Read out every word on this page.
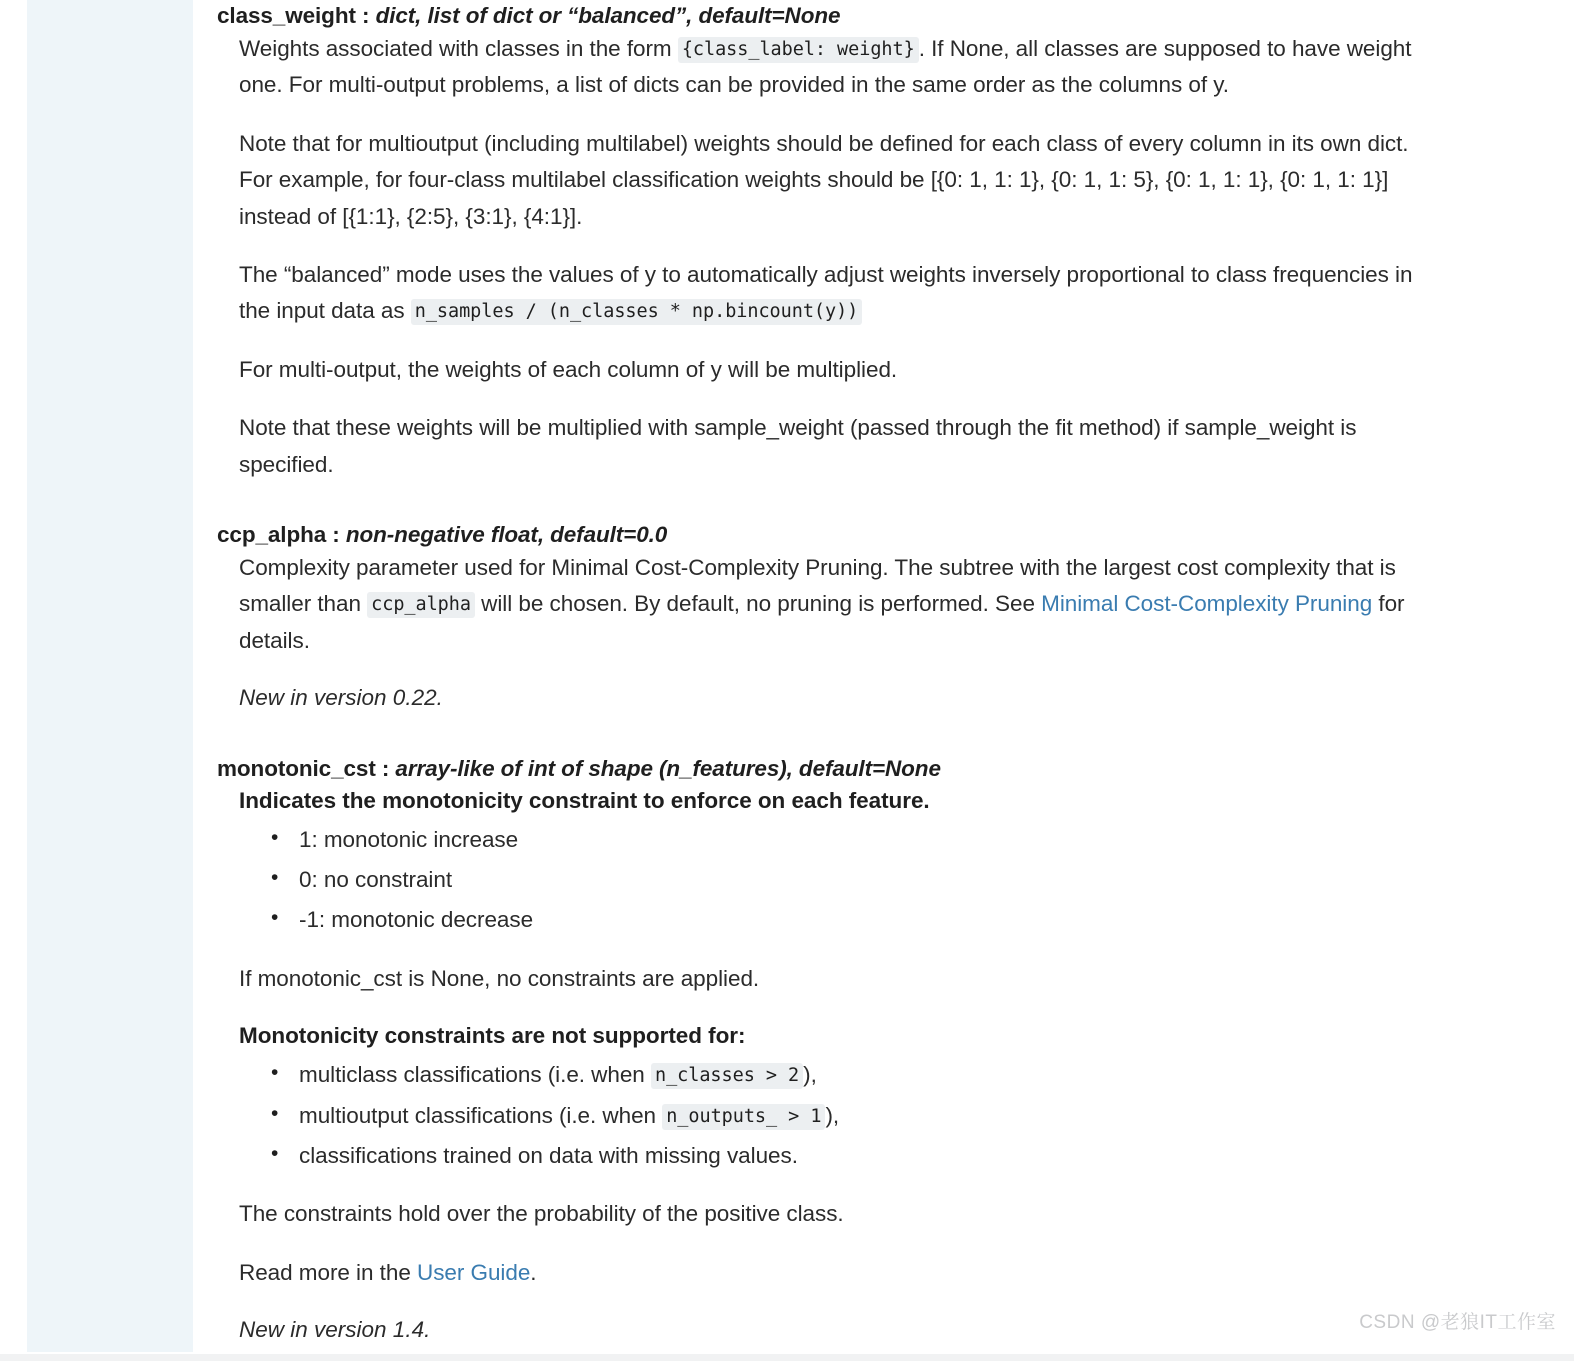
class_weight : dict, list of dict or “balanced”, default=None

Weights associated with classes in the form {class_label: weight} . If None, all classes are supposed to have weight one. For multi-output problems, a list of dicts can be provided in the same order as the columns of y.

Note that for multioutput (including multilabel) weights should be defined for each class of every column in its own dict. For example, for four-class multilabel classification weights should be [{0: 1, 1: 1}, {0: 1, 1: 5}, {0: 1, 1: 1}, {0: 1, 1: 1}] instead of [{1:1}, {2:5}, {3:1}, {4:1}].

The “balanced” mode uses the values of y to automatically adjust weights inversely proportional to class frequencies in the input data as n_samples / (n_classes * np.bincount(y))

For multi-output, the weights of each column of y will be multiplied.

Note that these weights will be multiplied with sample_weight (passed through the fit method) if sample_weight is specified.

ccp_alpha : non-negative float, default=0.0

Complexity parameter used for Minimal Cost-Complexity Pruning. The subtree with the largest cost complexity that is smaller than ccp_alpha will be chosen. By default, no pruning is performed. See Minimal Cost-Complexity Pruning for details.

New in version 0.22.

monotonic_cst : array-like of int of shape (n_features), default=None

Indicates the monotonicity constraint to enforce on each feature.

• 1: monotonic increase
• 0: no constraint
• -1: monotonic decrease

If monotonic_cst is None, no constraints are applied.

Monotonicity constraints are not supported for:

• multiclass classifications (i.e. when n_classes > 2 ),
• multioutput classifications (i.e. when n_outputs_ > 1 ),
• classifications trained on data with missing values.

The constraints hold over the probability of the positive class.

Read more in the User Guide.

New in version 1.4.	CSDN @老狼IT工作室
